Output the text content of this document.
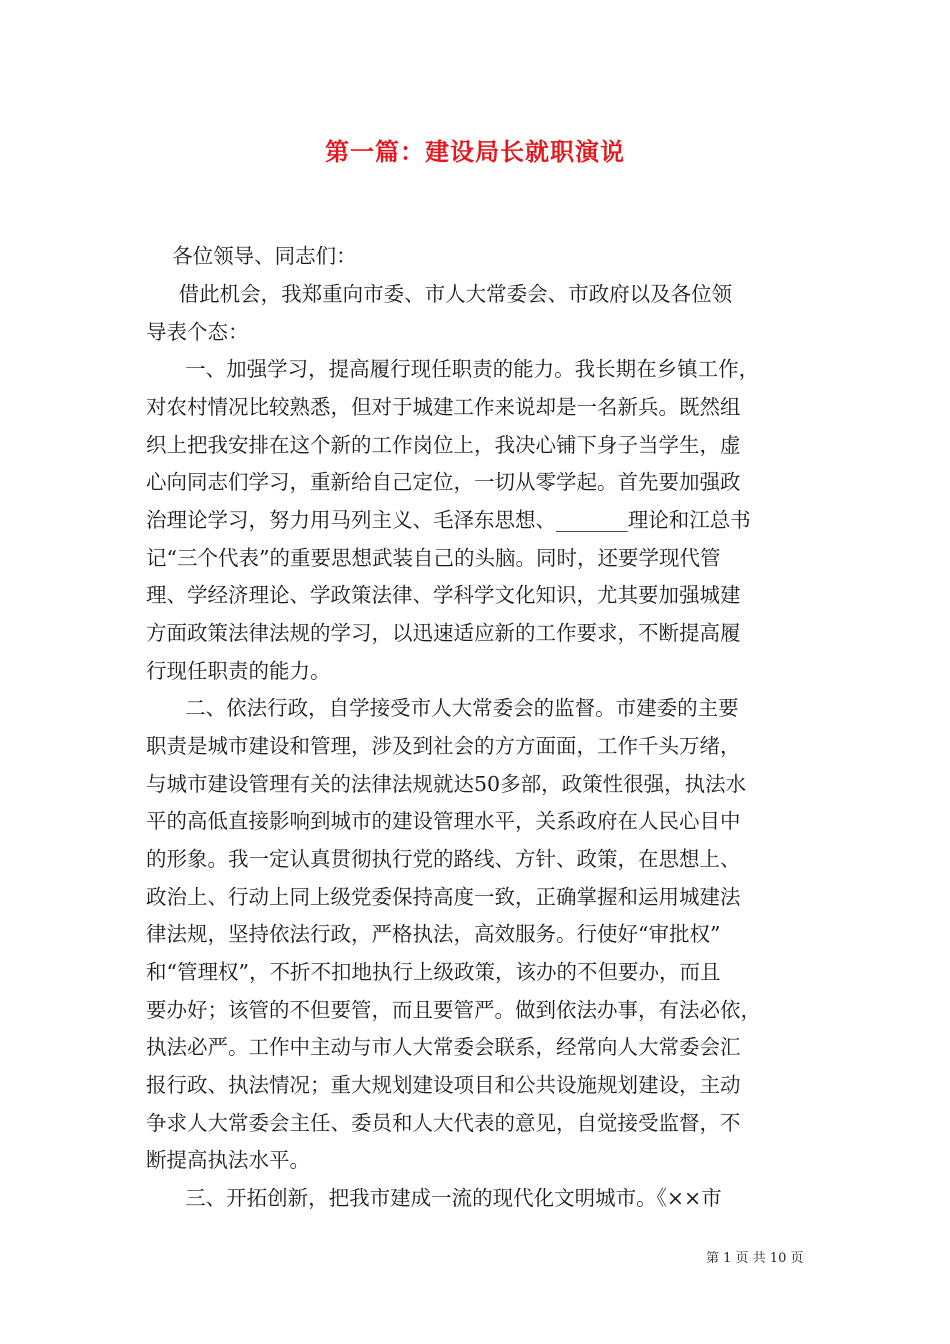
第一篇：建设局长就职演说
各位领导、同志们：
借此机会，我郑重向市委、市人大常委会、市政府以及各位领
导表个态：
一、加强学习，提高履行现任职责的能力。我长期在乡镇工作，
对农村情况比较熟悉，但对于城建工作来说却是一名新兵。既然组
织上把我安排在这个新的工作岗位上，我决心铺下身子当学生，虚
心向同志们学习，重新给自己定位，一切从零学起。首先要加强政
治理论学习，努力用马列主义、毛泽东思想、_______理论和江总书
记“三个代表”的重要思想武装自己的头脑。同时，还要学现代管
理、学经济理论、学政策法律、学科学文化知识，尤其要加强城建
方面政策法律法规的学习，以迅速适应新的工作要求，不断提高履
行现任职责的能力。
二、依法行政，自学接受市人大常委会的监督。市建委的主要
职责是城市建设和管理，涉及到社会的方方面面，工作千头万绪，
与城市建设管理有关的法律法规就达50多部，政策性很强，执法水
平的高低直接影响到城市的建设管理水平，关系政府在人民心目中
的形象。我一定认真贯彻执行党的路线、方针、政策，在思想上、
政治上、行动上同上级党委保持高度一致，正确掌握和运用城建法
律法规，坚持依法行政，严格执法，高效服务。行使好“审批权”
和“管理权”，不折不扣地执行上级政策，该办的不但要办，而且
要办好；该管的不但要管，而且要管严。做到依法办事，有法必依，
执法必严。工作中主动与市人大常委会联系，经常向人大常委会汇
报行政、执法情况；重大规划建设项目和公共设施规划建设，主动
争求人大常委会主任、委员和人大代表的意见，自觉接受监督，不
断提高执法水平。
三、开拓创新，把我市建成一流的现代化文明城市。《××市
第 1 页 共 10 页
